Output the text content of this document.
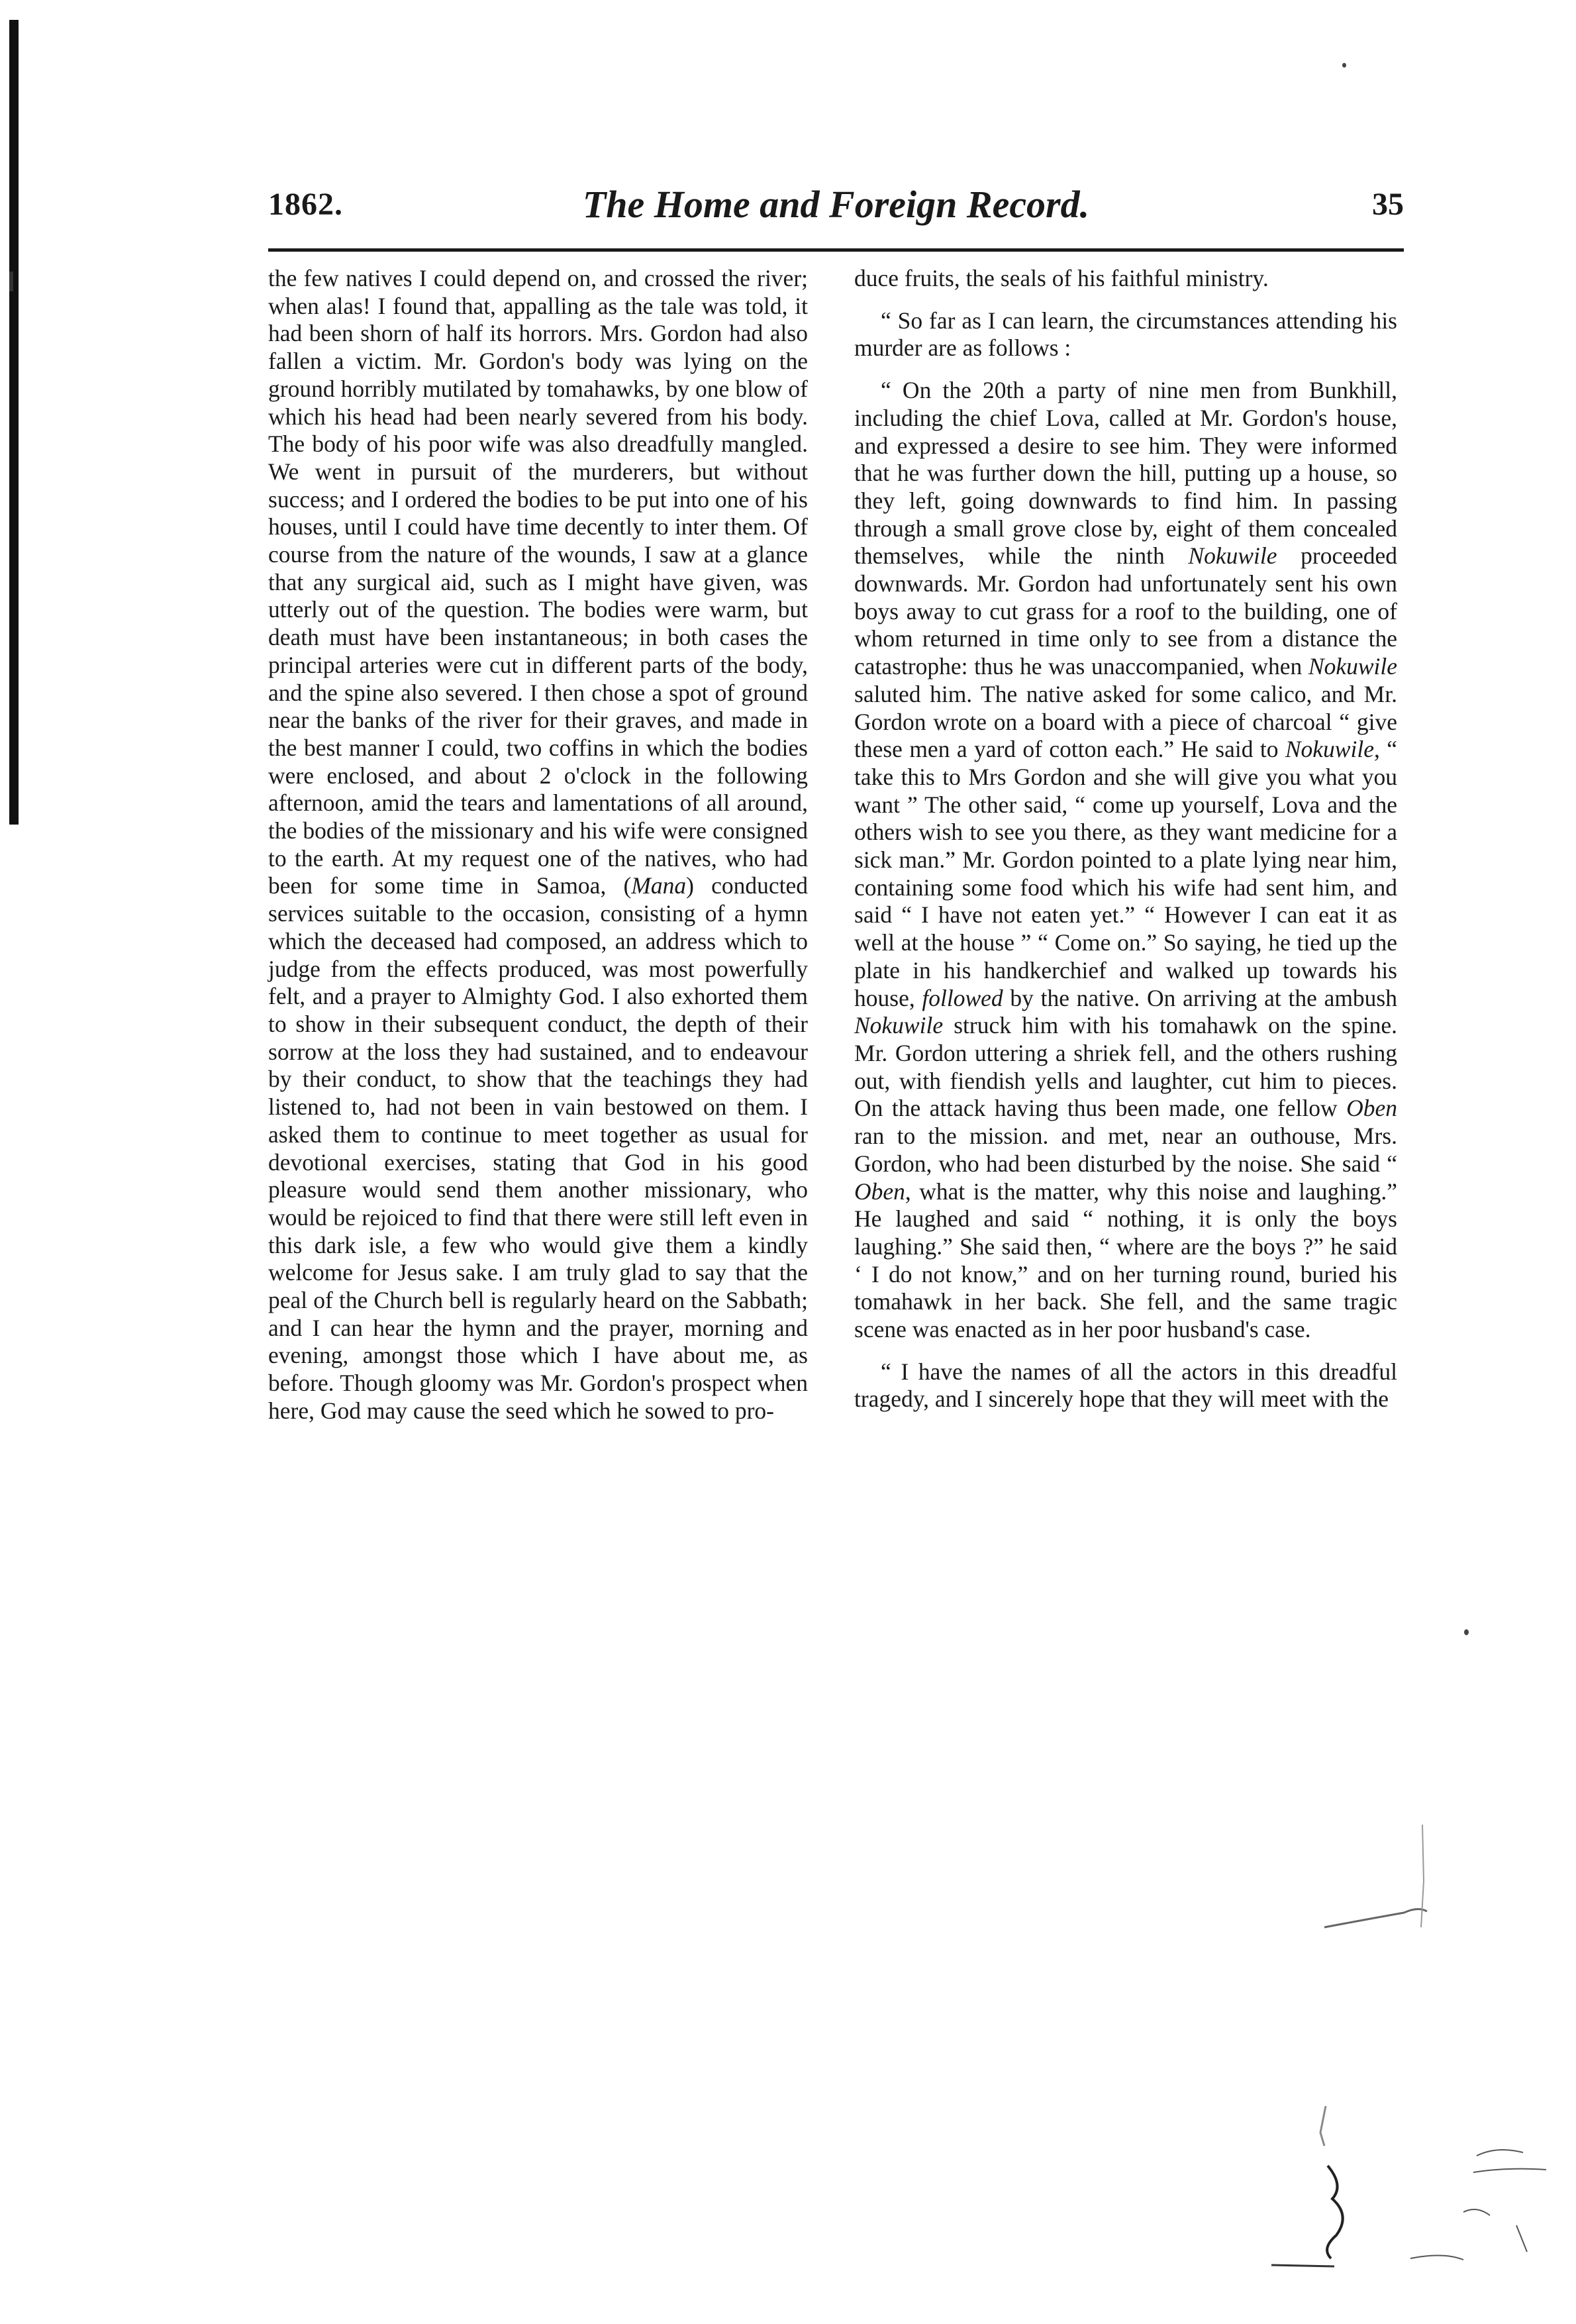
1862.	The Home and Foreign Record.	35

the few natives I could depend on, and crossed the river; when alas! I found that, appalling as the tale was told, it had been shorn of half its horrors. Mrs. Gordon had also fallen a victim. Mr. Gordon's body was lying on the ground horribly mutilated by tomahawks, by one blow of which his head had been nearly severed from his body. The body of his poor wife was also dreadfully mangled. We went in pursuit of the murderers, but without success; and I ordered the bodies to be put into one of his houses, until I could have time decently to inter them. Of course from the nature of the wounds, I saw at a glance that any surgical aid, such as I might have given, was utterly out of the question. The bodies were warm, but death must have been instantaneous; in both cases the principal arteries were cut in different parts of the body, and the spine also severed. I then chose a spot of ground near the banks of the river for their graves, and made in the best manner I could, two coffins in which the bodies were enclosed, and about 2 o'clock in the following afternoon, amid the tears and lamentations of all around, the bodies of the missionary and his wife were consigned to the earth. At my request one of the natives, who had been for some time in Samoa, (Mana) conducted services suitable to the occasion, consisting of a hymn which the deceased had composed, an address which to judge from the effects produced, was most powerfully felt, and a prayer to Almighty God. I also exhorted them to show in their subsequent conduct, the depth of their sorrow at the loss they had sustained, and to endeavour by their conduct, to show that the teachings they had listened to, had not been in vain bestowed on them. I asked them to continue to meet together as usual for devotional exercises, stating that God in his good pleasure would send them another missionary, who would be rejoiced to find that there were still left even in this dark isle, a few who would give them a kindly welcome for Jesus sake. I am truly glad to say that the peal of the Church bell is regularly heard on the Sabbath; and I can hear the hymn and the prayer, morning and evening, amongst those which I have about me, as before. Though gloomy was Mr. Gordon's prospect when here, God may cause the seed which he sowed to pro-

duce fruits, the seals of his faithful ministry.

“ So far as I can learn, the circumstances attending his murder are as follows :

“ On the 20th a party of nine men from Bunkhill, including the chief Lova, called at Mr. Gordon's house, and expressed a desire to see him. They were informed that he was further down the hill, putting up a house, so they left, going downwards to find him. In passing through a small grove close by, eight of them concealed themselves, while the ninth Nokuwile proceeded downwards. Mr. Gordon had unfortunately sent his own boys away to cut grass for a roof to the building, one of whom returned in time only to see from a distance the catastrophe: thus he was unaccompanied, when Nokuwile saluted him. The native asked for some calico, and Mr. Gordon wrote on a board with a piece of charcoal “ give these men a yard of cotton each.” He said to Nokuwile, “ take this to Mrs Gordon and she will give you what you want ” The other said, “ come up yourself, Lova and the others wish to see you there, as they want medicine for a sick man.” Mr. Gordon pointed to a plate lying near him, containing some food which his wife had sent him, and said “ I have not eaten yet.” “ However I can eat it as well at the house ” “ Come on.” So saying, he tied up the plate in his handkerchief and walked up towards his house, followed by the native. On arriving at the ambush Nokuwile struck him with his tomahawk on the spine. Mr. Gordon uttering a shriek fell, and the others rushing out, with fiendish yells and laughter, cut him to pieces. On the attack having thus been made, one fellow Oben ran to the mission. and met, near an outhouse, Mrs. Gordon, who had been disturbed by the noise. She said “ Oben, what is the matter, why this noise and laughing.” He laughed and said “ nothing, it is only the boys laughing.” She said then, “ where are the boys ?” he said ‘ I do not know,” and on her turning round, buried his tomahawk in her back. She fell, and the same tragic scene was enacted as in her poor husband's case.

“ I have the names of all the actors in this dreadful tragedy, and I sincerely hope that they will meet with the
